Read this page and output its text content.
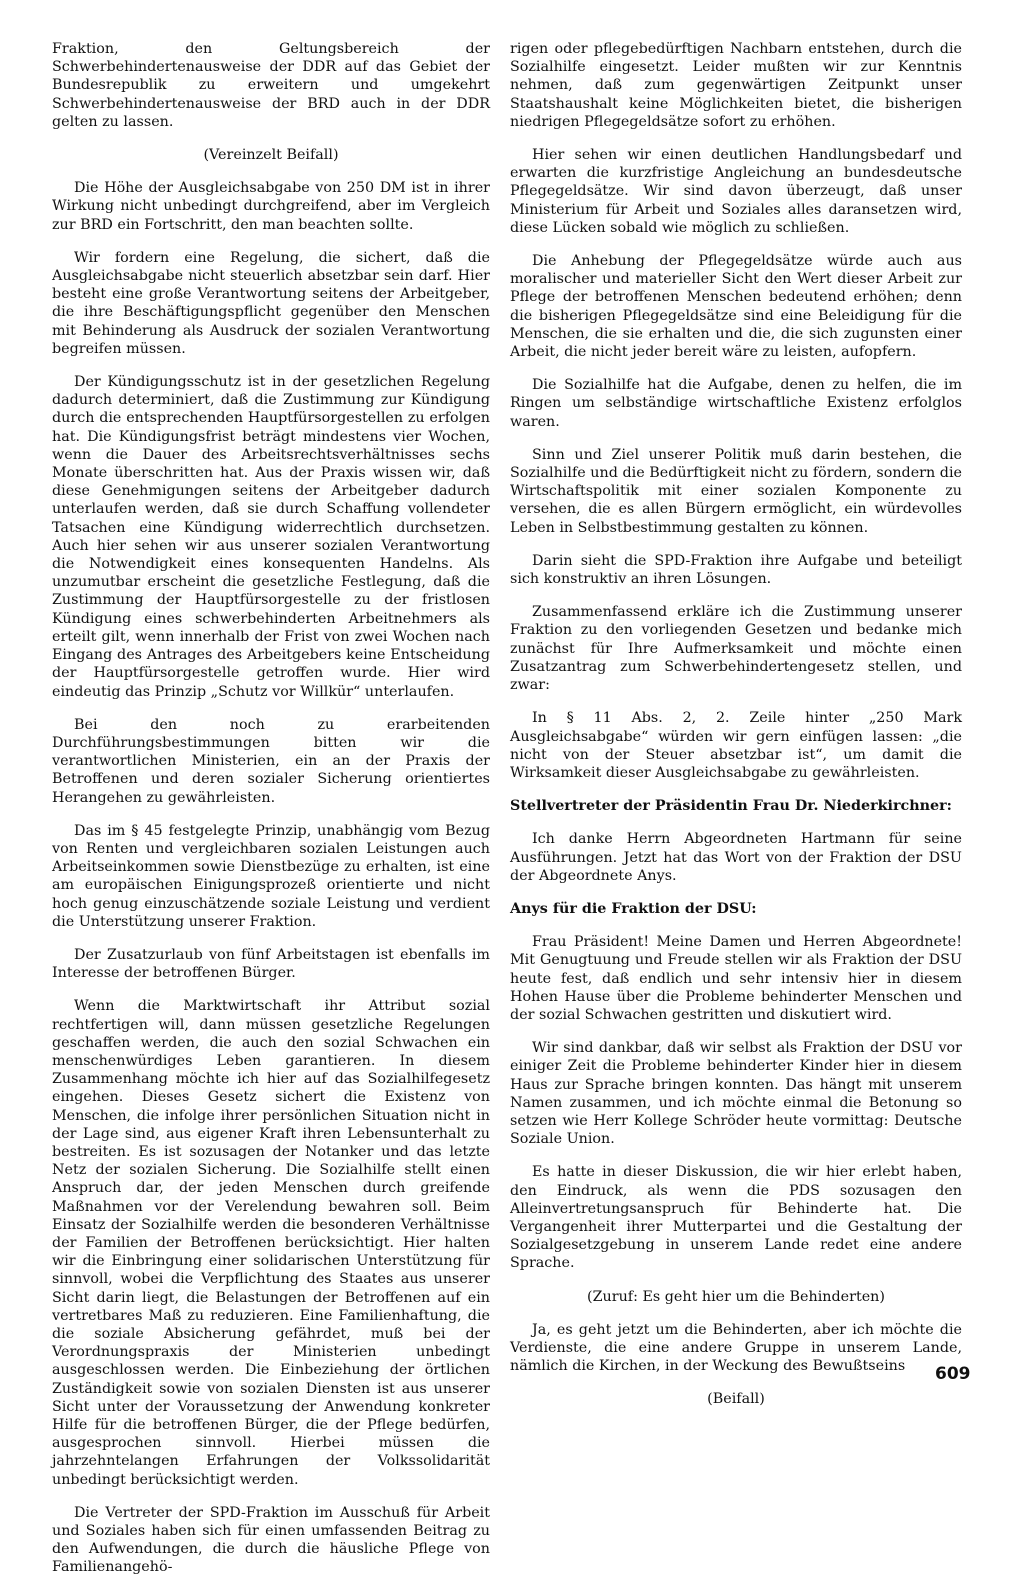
Fraktion, den Geltungsbereich der Schwerbehindertenausweise der DDR auf das Gebiet der Bundesrepublik zu erweitern und umgekehrt Schwerbehindertenausweise der BRD auch in der DDR gelten zu lassen.

(Vereinzelt Beifall)

Die Höhe der Ausgleichsabgabe von 250 DM ist in ihrer Wirkung nicht unbedingt durchgreifend, aber im Vergleich zur BRD ein Fortschritt, den man beachten sollte.

Wir fordern eine Regelung, die sichert, daß die Ausgleichsabgabe nicht steuerlich absetzbar sein darf. Hier besteht eine große Verantwortung seitens der Arbeitgeber, die ihre Beschäftigungspflicht gegenüber den Menschen mit Behinderung als Ausdruck der sozialen Verantwortung begreifen müssen.

Der Kündigungsschutz ist in der gesetzlichen Regelung dadurch determiniert, daß die Zustimmung zur Kündigung durch die entsprechenden Hauptfürsorgestellen zu erfolgen hat. Die Kündigungsfrist beträgt mindestens vier Wochen, wenn die Dauer des Arbeitsrechtsverhältnisses sechs Monate überschritten hat. Aus der Praxis wissen wir, daß diese Genehmigungen seitens der Arbeitgeber dadurch unterlaufen werden, daß sie durch Schaffung vollendeter Tatsachen eine Kündigung widerrechtlich durchsetzen. Auch hier sehen wir aus unserer sozialen Verantwortung die Notwendigkeit eines konsequenten Handelns. Als unzumutbar erscheint die gesetzliche Festlegung, daß die Zustimmung der Hauptfürsorgestelle zu der fristlosen Kündigung eines schwerbehinderten Arbeitnehmers als erteilt gilt, wenn innerhalb der Frist von zwei Wochen nach Eingang des Antrages des Arbeitgebers keine Entscheidung der Hauptfürsorgestelle getroffen wurde. Hier wird eindeutig das Prinzip „Schutz vor Willkür“ unterlaufen.

Bei den noch zu erarbeitenden Durchführungsbestimmungen bitten wir die verantwortlichen Ministerien, ein an der Praxis der Betroffenen und deren sozialer Sicherung orientiertes Herangehen zu gewährleisten.

Das im § 45 festgelegte Prinzip, unabhängig vom Bezug von Renten und vergleichbaren sozialen Leistungen auch Arbeitseinkommen sowie Dienstbezüge zu erhalten, ist eine am europäischen Einigungsprozeß orientierte und nicht hoch genug einzuschätzende soziale Leistung und verdient die Unterstützung unserer Fraktion.

Der Zusatzurlaub von fünf Arbeitstagen ist ebenfalls im Interesse der betroffenen Bürger.

Wenn die Marktwirtschaft ihr Attribut sozial rechtfertigen will, dann müssen gesetzliche Regelungen geschaffen werden, die auch den sozial Schwachen ein menschenwürdiges Leben garantieren. In diesem Zusammenhang möchte ich hier auf das Sozialhilfegesetz eingehen. Dieses Gesetz sichert die Existenz von Menschen, die infolge ihrer persönlichen Situation nicht in der Lage sind, aus eigener Kraft ihren Lebensunterhalt zu bestreiten. Es ist sozusagen der Notanker und das letzte Netz der sozialen Sicherung. Die Sozialhilfe stellt einen Anspruch dar, der jeden Menschen durch greifende Maßnahmen vor der Verelendung bewahren soll. Beim Einsatz der Sozialhilfe werden die besonderen Verhältnisse der Familien der Betroffenen berücksichtigt. Hier halten wir die Einbringung einer solidarischen Unterstützung für sinnvoll, wobei die Verpflichtung des Staates aus unserer Sicht darin liegt, die Belastungen der Betroffenen auf ein vertretbares Maß zu reduzieren. Eine Familienhaftung, die die soziale Absicherung gefährdet, muß bei der Verordnungspraxis der Ministerien unbedingt ausgeschlossen werden. Die Einbeziehung der örtlichen Zuständigkeit sowie von sozialen Diensten ist aus unserer Sicht unter der Voraussetzung der Anwendung konkreter Hilfe für die betroffenen Bürger, die der Pflege bedürfen, ausgesprochen sinnvoll. Hierbei müssen die jahrzehntelangen Erfahrungen der Volkssolidarität unbedingt berücksichtigt werden.

Die Vertreter der SPD-Fraktion im Ausschuß für Arbeit und Soziales haben sich für einen umfassenden Beitrag zu den Aufwendungen, die durch die häusliche Pflege von Familienangehö-

rigen oder pflegebedürftigen Nachbarn entstehen, durch die Sozialhilfe eingesetzt. Leider mußten wir zur Kenntnis nehmen, daß zum gegenwärtigen Zeitpunkt unser Staatshaushalt keine Möglichkeiten bietet, die bisherigen niedrigen Pflegegeldsätze sofort zu erhöhen.

Hier sehen wir einen deutlichen Handlungsbedarf und erwarten die kurzfristige Angleichung an bundesdeutsche Pflegegeldsätze. Wir sind davon überzeugt, daß unser Ministerium für Arbeit und Soziales alles daransetzen wird, diese Lücken sobald wie möglich zu schließen.

Die Anhebung der Pflegegeldsätze würde auch aus moralischer und materieller Sicht den Wert dieser Arbeit zur Pflege der betroffenen Menschen bedeutend erhöhen; denn die bisherigen Pflegegeldsätze sind eine Beleidigung für die Menschen, die sie erhalten und die, die sich zugunsten einer Arbeit, die nicht jeder bereit wäre zu leisten, aufopfern.

Die Sozialhilfe hat die Aufgabe, denen zu helfen, die im Ringen um selbständige wirtschaftliche Existenz erfolglos waren.

Sinn und Ziel unserer Politik muß darin bestehen, die Sozialhilfe und die Bedürftigkeit nicht zu fördern, sondern die Wirtschaftspolitik mit einer sozialen Komponente zu versehen, die es allen Bürgern ermöglicht, ein würdevolles Leben in Selbstbestimmung gestalten zu können.

Darin sieht die SPD-Fraktion ihre Aufgabe und beteiligt sich konstruktiv an ihren Lösungen.

Zusammenfassend erkläre ich die Zustimmung unserer Fraktion zu den vorliegenden Gesetzen und bedanke mich zunächst für Ihre Aufmerksamkeit und möchte einen Zusatzantrag zum Schwerbehindertengesetz stellen, und zwar:

In § 11 Abs. 2, 2. Zeile hinter „250 Mark Ausgleichsabgabe“ würden wir gern einfügen lassen: „die nicht von der Steuer absetzbar ist“, um damit die Wirksamkeit dieser Ausgleichsabgabe zu gewährleisten.

Stellvertreter der Präsidentin Frau Dr. Niederkirchner:

Ich danke Herrn Abgeordneten Hartmann für seine Ausführungen. Jetzt hat das Wort von der Fraktion der DSU der Abgeordnete Anys.

Anys für die Fraktion der DSU:

Frau Präsident! Meine Damen und Herren Abgeordnete! Mit Genugtuung und Freude stellen wir als Fraktion der DSU heute fest, daß endlich und sehr intensiv hier in diesem Hohen Hause über die Probleme behinderter Menschen und der sozial Schwachen gestritten und diskutiert wird.

Wir sind dankbar, daß wir selbst als Fraktion der DSU vor einiger Zeit die Probleme behinderter Kinder hier in diesem Haus zur Sprache bringen konnten. Das hängt mit unserem Namen zusammen, und ich möchte einmal die Betonung so setzen wie Herr Kollege Schröder heute vormittag: Deutsche Soziale Union.

Es hatte in dieser Diskussion, die wir hier erlebt haben, den Eindruck, als wenn die PDS sozusagen den Alleinvertretungsanspruch für Behinderte hat. Die Vergangenheit ihrer Mutterpartei und die Gestaltung der Sozialgesetzgebung in unserem Lande redet eine andere Sprache.

(Zuruf: Es geht hier um die Behinderten)

Ja, es geht jetzt um die Behinderten, aber ich möchte die Verdienste, die eine andere Gruppe in unserem Lande, nämlich die Kirchen, in der Weckung des Bewußtseins

(Beifall)

609
